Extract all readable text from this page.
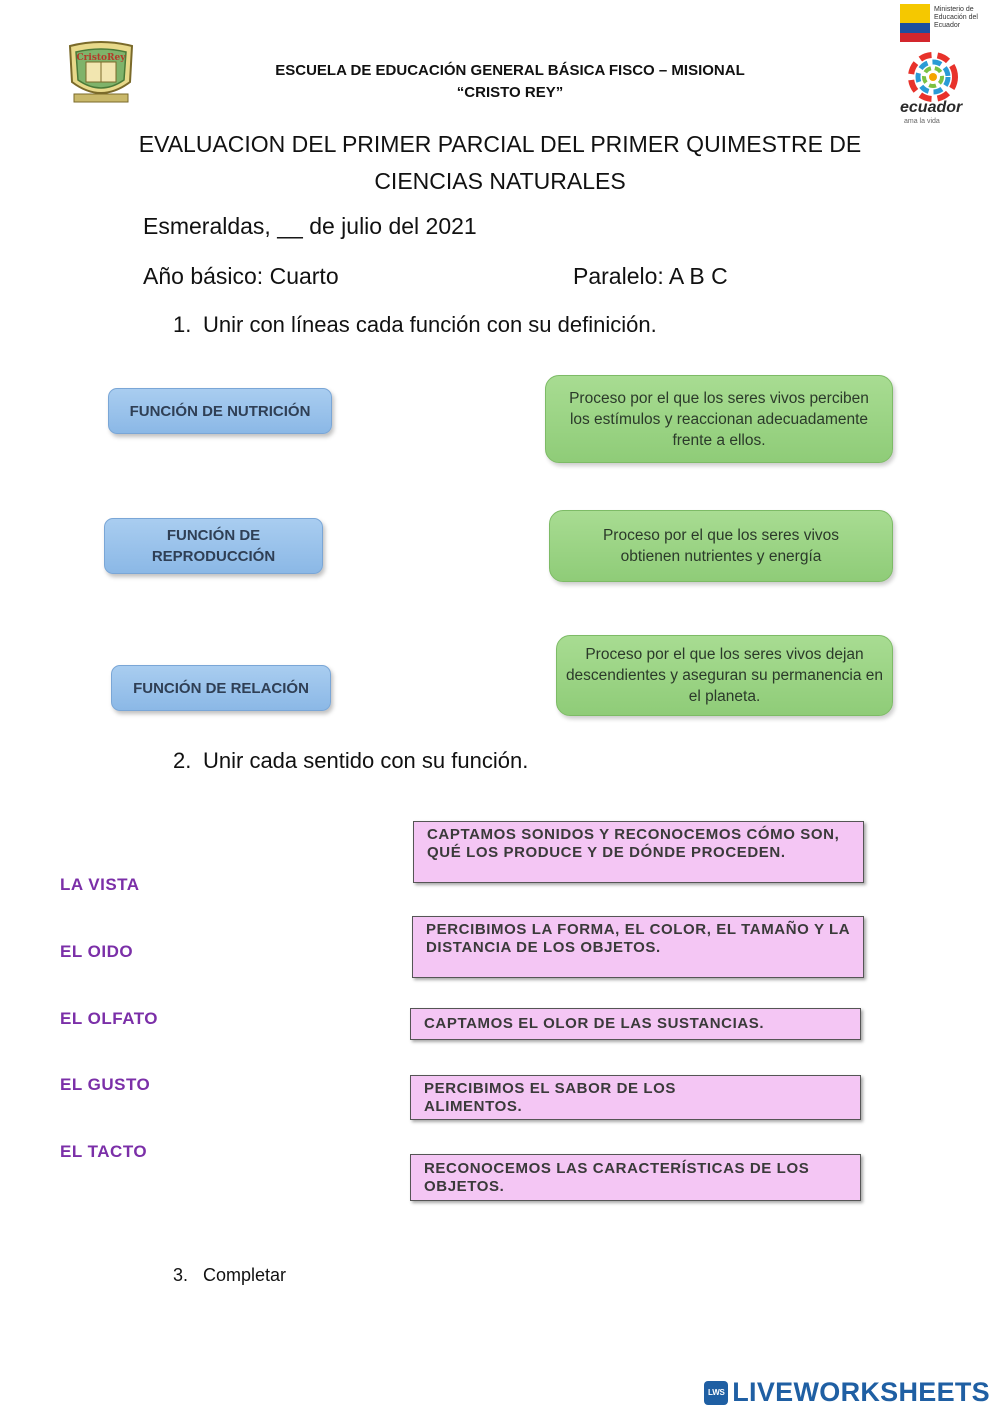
CristoRey
Ministerio de Educación del Ecuador
ecuador
ama la vida
ESCUELA DE EDUCACIÓN GENERAL BÁSICA FISCO – MISIONAL
“CRISTO REY”
EVALUACION DEL PRIMER PARCIAL DEL PRIMER QUIMESTRE DE
CIENCIAS NATURALES
Esmeraldas, __ de julio del 2021
Año básico: Cuarto	Paralelo: A B C
1. Unir con líneas cada función con su definición.
FUNCIÓN DE NUTRICIÓN
FUNCIÓN DE REPRODUCCIÓN
FUNCIÓN DE RELACIÓN
Proceso por el que los seres vivos perciben los estímulos y reaccionan adecuadamente frente a ellos.
Proceso por el que los seres vivos obtienen nutrientes y energía
Proceso por el que los seres vivos dejan descendientes y aseguran su permanencia en el planeta.
2. Unir cada sentido con su función.
LA VISTA
EL OIDO
EL OLFATO
EL GUSTO
EL TACTO
CAPTAMOS SONIDOS Y RECONOCEMOS CÓMO SON, QUÉ LOS PRODUCE Y DE DÓNDE PROCEDEN.
PERCIBIMOS LA FORMA, EL COLOR, EL TAMAÑO Y LA DISTANCIA DE LOS OBJETOS.
CAPTAMOS EL OLOR DE LAS SUSTANCIAS.
PERCIBIMOS EL SABOR DE LOS ALIMENTOS.
RECONOCEMOS LAS CARACTERÍSTICAS DE LOS OBJETOS.
3. Completar
LWS LIVEWORKSHEETS
